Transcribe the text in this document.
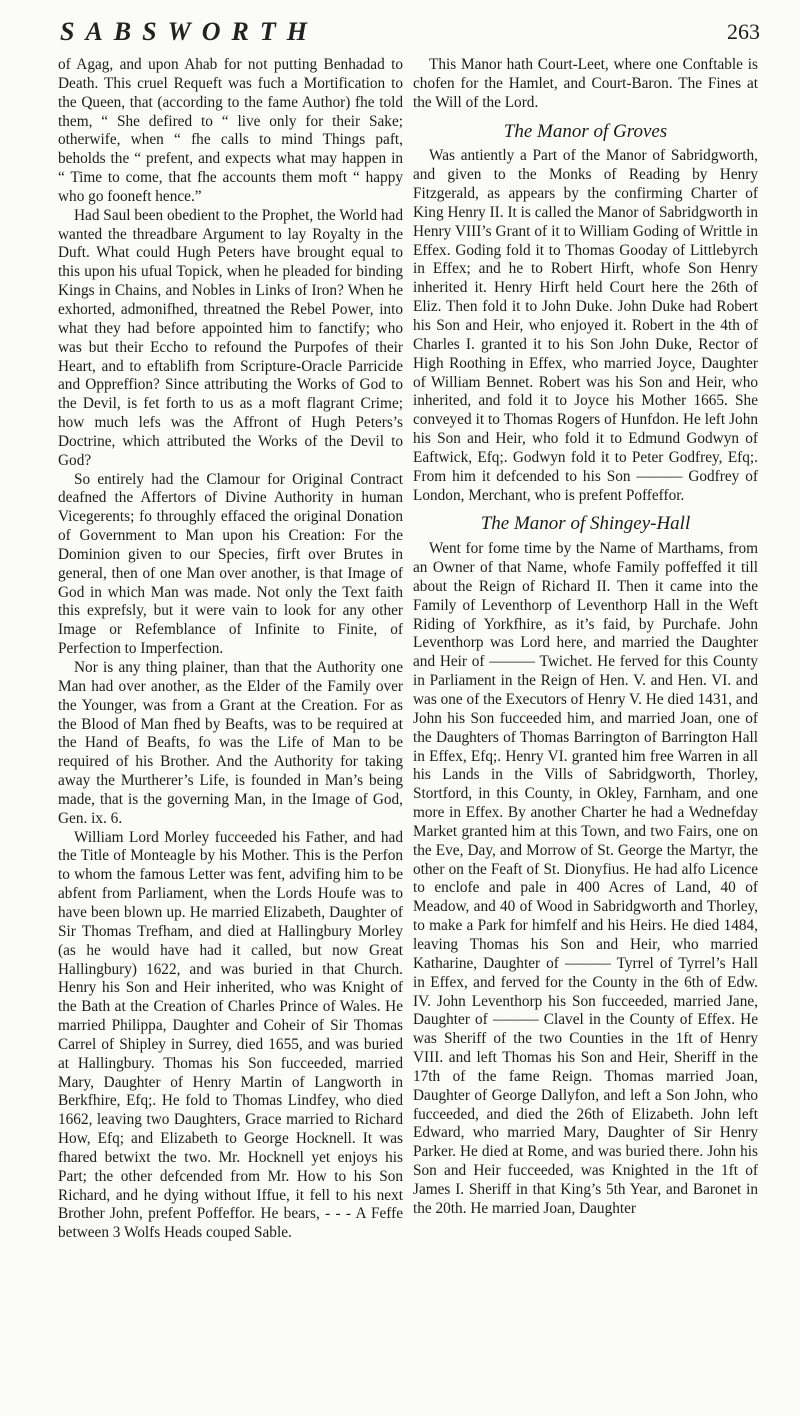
SABSWORTH	263

of Agag, and upon Ahab for not putting Benhadad to Death. This cruel Requeft was fuch a Mortification to the Queen, that (according to the fame Author) fhe told them, “ She defired to “ live only for their Sake; otherwife, when “ fhe calls to mind Things paft, beholds the “ prefent, and expects what may happen in “ Time to come, that fhe accounts them moft “ happy who go fooneft hence.”

Had Saul been obedient to the Prophet, the World had wanted the threadbare Argument to lay Royalty in the Duft. What could Hugh Peters have brought equal to this upon his ufual Topick, when he pleaded for binding Kings in Chains, and Nobles in Links of Iron? When he exhorted, admonifhed, threatned the Rebel Power, into what they had before appointed him to fanctify; who was but their Eccho to refound the Purpofes of their Heart, and to eftablifh from Scripture-Oracle Parricide and Oppreffion? Since attributing the Works of God to the Devil, is fet forth to us as a moft flagrant Crime; how much lefs was the Affront of Hugh Peters’s Doctrine, which attributed the Works of the Devil to God?

So entirely had the Clamour for Original Contract deafned the Affertors of Divine Authority in human Vicegerents; fo throughly effaced the original Donation of Government to Man upon his Creation: For the Dominion given to our Species, firft over Brutes in general, then of one Man over another, is that Image of God in which Man was made. Not only the Text faith this exprefsly, but it were vain to look for any other Image or Refemblance of Infinite to Finite, of Perfection to Imperfection.

Nor is any thing plainer, than that the Authority one Man had over another, as the Elder of the Family over the Younger, was from a Grant at the Creation. For as the Blood of Man fhed by Beafts, was to be required at the Hand of Beafts, fo was the Life of Man to be required of his Brother. And the Authority for taking away the Murtherer’s Life, is founded in Man’s being made, that is the governing Man, in the Image of God, Gen. ix. 6.

William Lord Morley fucceeded his Father, and had the Title of Monteagle by his Mother. This is the Perfon to whom the famous Letter was fent, advifing him to be abfent from Parliament, when the Lords Houfe was to have been blown up. He married Elizabeth, Daughter of Sir Thomas Trefham, and died at Hallingbury Morley (as he would have had it called, but now Great Hallingbury) 1622, and was buried in that Church. Henry his Son and Heir inherited, who was Knight of the Bath at the Creation of Charles Prince of Wales. He married Philippa, Daughter and Coheir of Sir Thomas Carrel of Shipley in Surrey, died 1655, and was buried at Hallingbury. Thomas his Son fucceeded, married Mary, Daughter of Henry Martin of Langworth in Berkfhire, Efq;. He fold to Thomas Lindfey, who died 1662, leaving two Daughters, Grace married to Richard How, Efq; and Elizabeth to George Hocknell. It was fhared betwixt the two. Mr. Hocknell yet enjoys his Part; the other defcended from Mr. How to his Son Richard, and he dying without Iffue, it fell to his next Brother John, prefent Poffeffor. He bears, - - - A Feffe between 3 Wolfs Heads couped Sable.

This Manor hath Court-Leet, where one Conftable is chofen for the Hamlet, and Court-Baron. The Fines at the Will of the Lord.

The Manor of Groves

Was antiently a Part of the Manor of Sabridgworth, and given to the Monks of Reading by Henry Fitzgerald, as appears by the confirming Charter of King Henry II. It is called the Manor of Sabridgworth in Henry VIII’s Grant of it to William Goding of Writtle in Effex. Goding fold it to Thomas Gooday of Littlebyrch in Effex; and he to Robert Hirft, whofe Son Henry inherited it. Henry Hirft held Court here the 26th of Eliz. Then fold it to John Duke. John Duke had Robert his Son and Heir, who enjoyed it. Robert in the 4th of Charles I. granted it to his Son John Duke, Rector of High Roothing in Effex, who married Joyce, Daughter of William Bennet. Robert was his Son and Heir, who inherited, and fold it to Joyce his Mother 1665. She conveyed it to Thomas Rogers of Hunfdon. He left John his Son and Heir, who fold it to Edmund Godwyn of Eaftwick, Efq;. Godwyn fold it to Peter Godfrey, Efq;. From him it defcended to his Son ——— Godfrey of London, Merchant, who is prefent Poffeffor.

The Manor of Shingey-Hall

Went for fome time by the Name of Marthams, from an Owner of that Name, whofe Family poffeffed it till about the Reign of Richard II. Then it came into the Family of Leventhorp of Leventhorp Hall in the Weft Riding of Yorkfhire, as it’s faid, by Purchafe. John Leventhorp was Lord here, and married the Daughter and Heir of ——— Twichet. He ferved for this County in Parliament in the Reign of Hen. V. and Hen. VI. and was one of the Executors of Henry V. He died 1431, and John his Son fucceeded him, and married Joan, one of the Daughters of Thomas Barrington of Barrington Hall in Effex, Efq;. Henry VI. granted him free Warren in all his Lands in the Vills of Sabridgworth, Thorley, Stortford, in this County, in Okley, Farnham, and one more in Effex. By another Charter he had a Wednefday Market granted him at this Town, and two Fairs, one on the Eve, Day, and Morrow of St. George the Martyr, the other on the Feaft of St. Dionyfius. He had alfo Licence to enclofe and pale in 400 Acres of Land, 40 of Meadow, and 40 of Wood in Sabridgworth and Thorley, to make a Park for himfelf and his Heirs. He died 1484, leaving Thomas his Son and Heir, who married Katharine, Daughter of ——— Tyrrel of Tyrrel’s Hall in Effex, and ferved for the County in the 6th of Edw. IV. John Leventhorp his Son fucceeded, married Jane, Daughter of ——— Clavel in the County of Effex. He was Sheriff of the two Counties in the 1ft of Henry VIII. and left Thomas his Son and Heir, Sheriff in the 17th of the fame Reign. Thomas married Joan, Daughter of George Dallyfon, and left a Son John, who fucceeded, and died the 26th of Elizabeth. John left Edward, who married Mary, Daughter of Sir Henry Parker. He died at Rome, and was buried there. John his Son and Heir fucceeded, was Knighted in the 1ft of James I. Sheriff in that King’s 5th Year, and Baronet in the 20th. He married Joan, Daughter
